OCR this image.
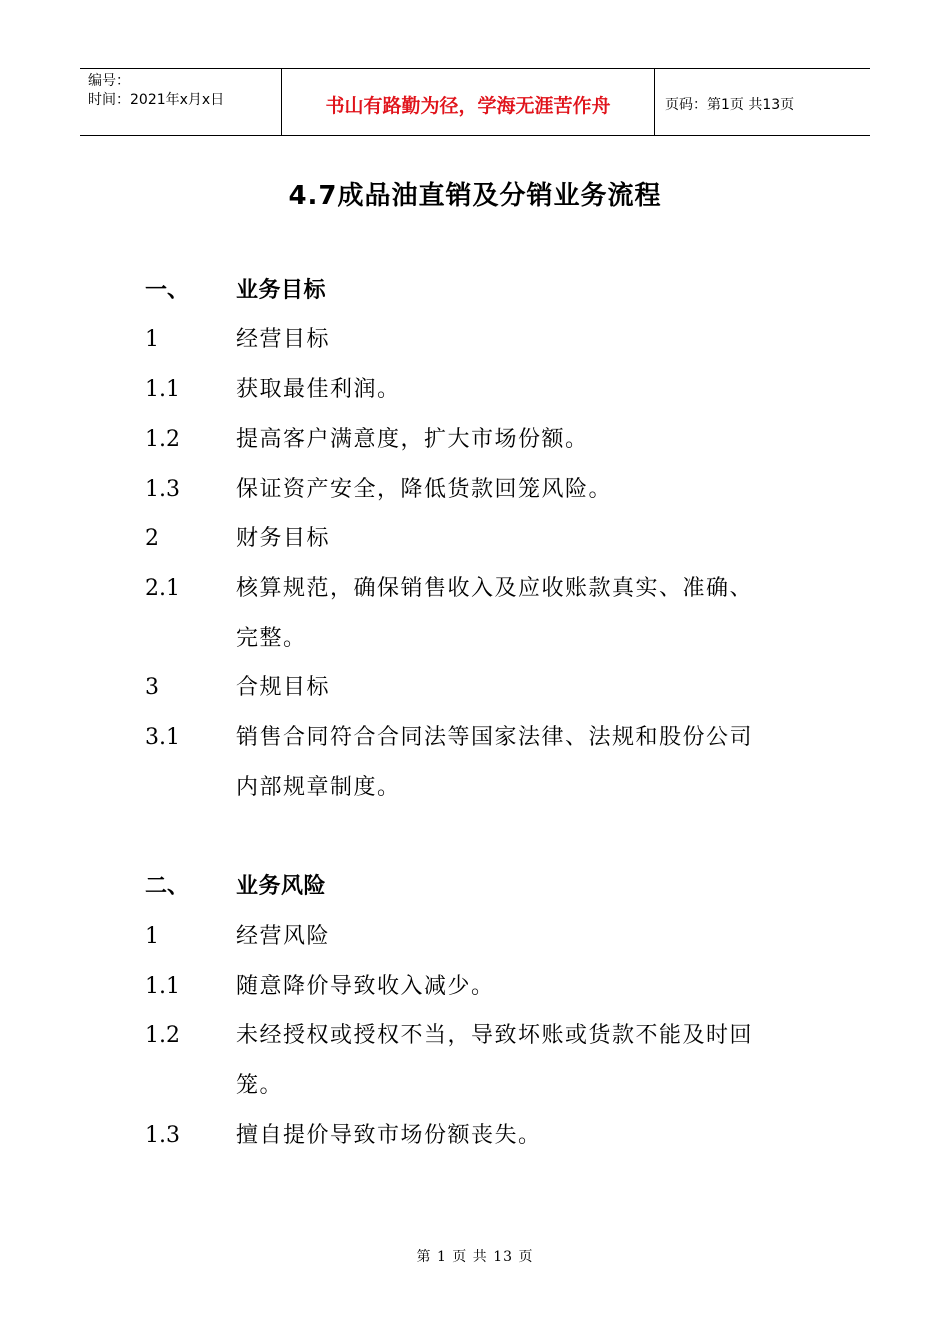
编号：
时间：2021年x月x日	书山有路勤为径，学海无涯苦作舟	页码：第1页 共13页
4.7成品油直销及分销业务流程
一、 业务目标
1	经营目标
1.1	获取最佳利润。
1.2	提高客户满意度，扩大市场份额。
1.3	保证资产安全，降低货款回笼风险。
2	财务目标
2.1	核算规范，确保销售收入及应收账款真实、准确、
完整。
3	合规目标
3.1	销售合同符合合同法等国家法律、法规和股份公司
内部规章制度。
二、 业务风险
1	经营风险
1.1	随意降价导致收入减少。
1.2	未经授权或授权不当，导致坏账或货款不能及时回
笼。
1.3	擅自提价导致市场份额丧失。
第 1 页 共 13 页
